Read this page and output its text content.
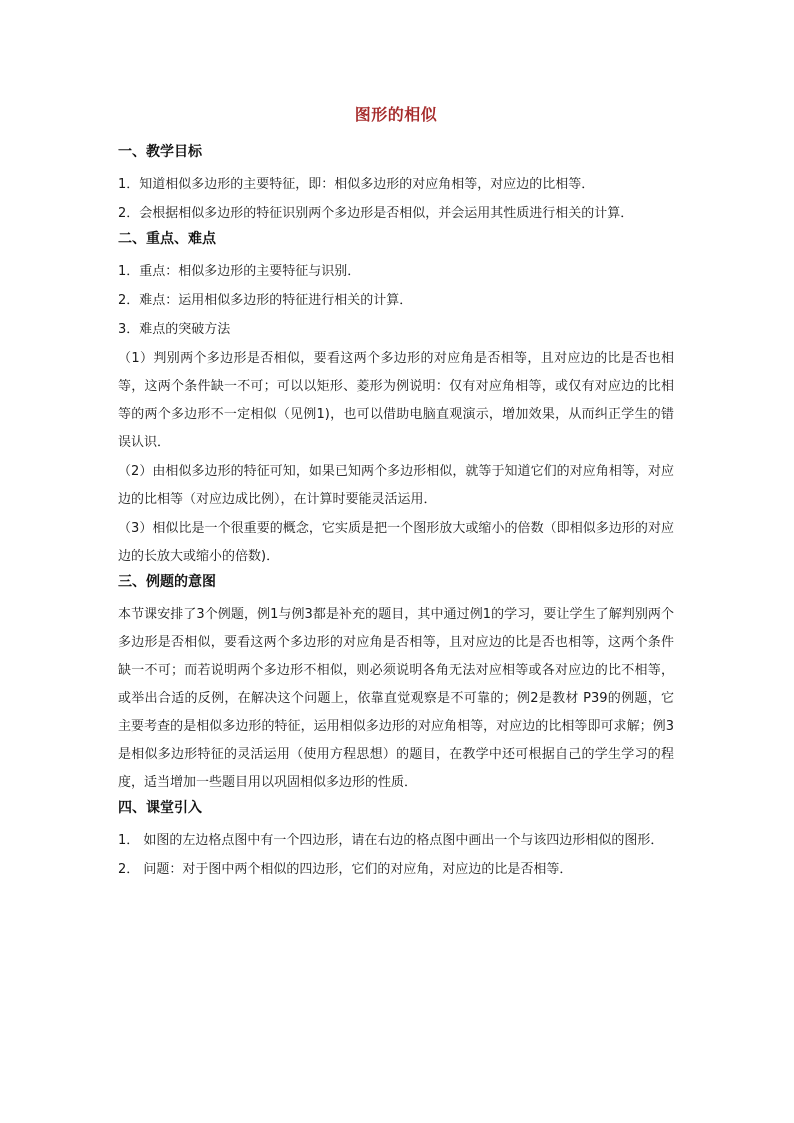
图形的相似
一、教学目标
1．知道相似多边形的主要特征，即：相似多边形的对应角相等，对应边的比相等．
2．会根据相似多边形的特征识别两个多边形是否相似，并会运用其性质进行相关的计算．
二、重点、难点
1．重点：相似多边形的主要特征与识别．
2．难点：运用相似多边形的特征进行相关的计算．
3．难点的突破方法
（1）判别两个多边形是否相似，要看这两个多边形的对应角是否相等，且对应边的比是否也相等，这两个条件缺一不可；可以以矩形、菱形为例说明：仅有对应角相等，或仅有对应边的比相等的两个多边形不一定相似（见例1)，也可以借助电脑直观演示，增加效果，从而纠正学生的错误认识．
（2）由相似多边形的特征可知，如果已知两个多边形相似，就等于知道它们的对应角相等，对应边的比相等（对应边成比例），在计算时要能灵活运用．
（3）相似比是一个很重要的概念，它实质是把一个图形放大或缩小的倍数（即相似多边形的对应边的长放大或缩小的倍数)．
三、例题的意图
本节课安排了3个例题，例1与例3都是补充的题目，其中通过例1的学习，要让学生了解判别两个多边形是否相似，要看这两个多边形的对应角是否相等，且对应边的比是否也相等，这两个条件缺一不可；而若说明两个多边形不相似，则必须说明各角无法对应相等或各对应边的比不相等，或举出合适的反例，在解决这个问题上，依靠直觉观察是不可靠的；例2是教材 P39的例题，它主要考查的是相似多边形的特征，运用相似多边形的对应角相等，对应边的比相等即可求解；例3是相似多边形特征的灵活运用（使用方程思想）的题目，在教学中还可根据自己的学生学习的程度，适当增加一些题目用以巩固相似多边形的性质．
四、课堂引入
1． 如图的左边格点图中有一个四边形，请在右边的格点图中画出一个与该四边形相似的图形．
2． 问题：对于图中两个相似的四边形，它们的对应角，对应边的比是否相等．
